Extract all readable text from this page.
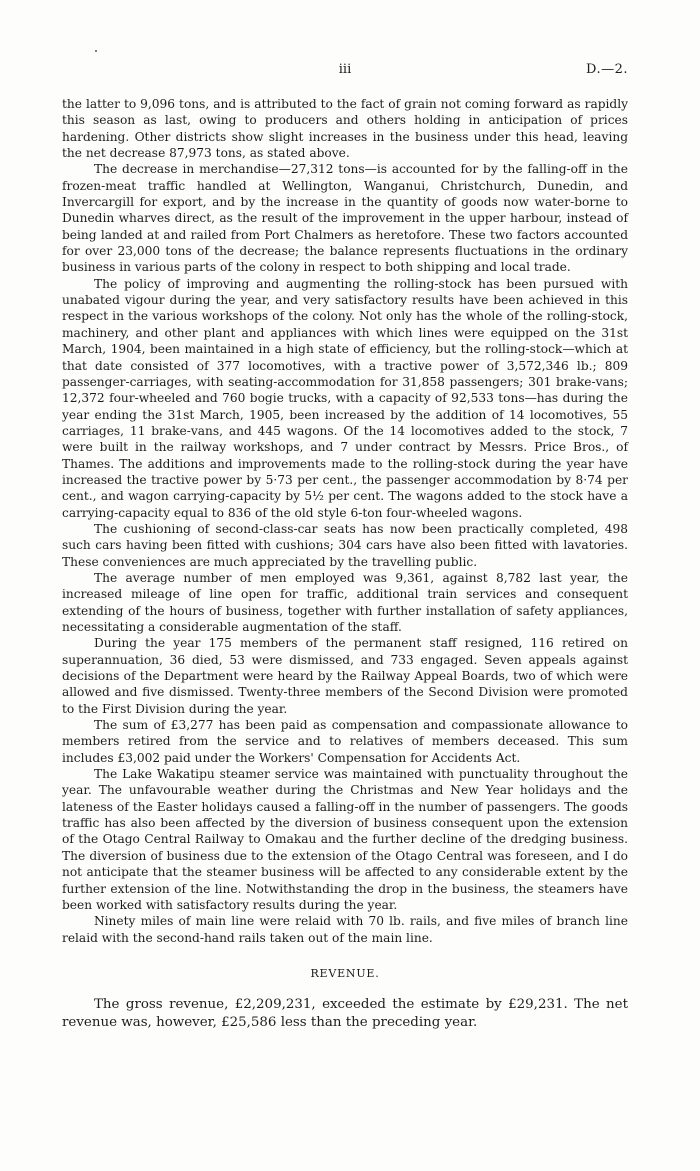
iii	D.—2.

the latter to 9,096 tons, and is attributed to the fact of grain not coming forward as rapidly this season as last, owing to producers and others holding in anticipation of prices hardening. Other districts show slight increases in the business under this head, leaving the net decrease 87,973 tons, as stated above.

The decrease in merchandise—27,312 tons—is accounted for by the falling-off in the frozen-meat traffic handled at Wellington, Wanganui, Christchurch, Dunedin, and Invercargill for export, and by the increase in the quantity of goods now water-borne to Dunedin wharves direct, as the result of the improvement in the upper harbour, instead of being landed at and railed from Port Chalmers as heretofore. These two factors accounted for over 23,000 tons of the decrease; the balance represents fluctuations in the ordinary business in various parts of the colony in respect to both shipping and local trade.

The policy of improving and augmenting the rolling-stock has been pursued with unabated vigour during the year, and very satisfactory results have been achieved in this respect in the various workshops of the colony. Not only has the whole of the rolling-stock, machinery, and other plant and appliances with which lines were equipped on the 31st March, 1904, been maintained in a high state of efficiency, but the rolling-stock—which at that date consisted of 377 locomotives, with a tractive power of 3,572,346 lb.; 809 passenger-carriages, with seating-accommodation for 31,858 passengers; 301 brake-vans; 12,372 four-wheeled and 760 bogie trucks, with a capacity of 92,533 tons—has during the year ending the 31st March, 1905, been increased by the addition of 14 locomotives, 55 carriages, 11 brake-vans, and 445 wagons. Of the 14 locomotives added to the stock, 7 were built in the railway workshops, and 7 under contract by Messrs. Price Bros., of Thames. The additions and improvements made to the rolling-stock during the year have increased the tractive power by 5·73 per cent., the passenger accommodation by 8·74 per cent., and wagon carrying-capacity by 5½ per cent. The wagons added to the stock have a carrying-capacity equal to 836 of the old style 6-ton four-wheeled wagons.

The cushioning of second-class-car seats has now been practically completed, 498 such cars having been fitted with cushions; 304 cars have also been fitted with lavatories. These conveniences are much appreciated by the travelling public.

The average number of men employed was 9,361, against 8,782 last year, the increased mileage of line open for traffic, additional train services and consequent extending of the hours of business, together with further installation of safety appliances, necessitating a considerable augmentation of the staff.

During the year 175 members of the permanent staff resigned, 116 retired on superannuation, 36 died, 53 were dismissed, and 733 engaged. Seven appeals against decisions of the Department were heard by the Railway Appeal Boards, two of which were allowed and five dismissed. Twenty-three members of the Second Division were promoted to the First Division during the year.

The sum of £3,277 has been paid as compensation and compassionate allowance to members retired from the service and to relatives of members deceased. This sum includes £3,002 paid under the Workers' Compensation for Accidents Act.

The Lake Wakatipu steamer service was maintained with punctuality throughout the year. The unfavourable weather during the Christmas and New Year holidays and the lateness of the Easter holidays caused a falling-off in the number of passengers. The goods traffic has also been affected by the diversion of business consequent upon the extension of the Otago Central Railway to Omakau and the further decline of the dredging business. The diversion of business due to the extension of the Otago Central was foreseen, and I do not anticipate that the steamer business will be affected to any considerable extent by the further extension of the line. Notwithstanding the drop in the business, the steamers have been worked with satisfactory results during the year.

Ninety miles of main line were relaid with 70 lb. rails, and five miles of branch line relaid with the second-hand rails taken out of the main line.

REVENUE.

The gross revenue, £2,209,231, exceeded the estimate by £29,231. The net revenue was, however, £25,586 less than the preceding year.
